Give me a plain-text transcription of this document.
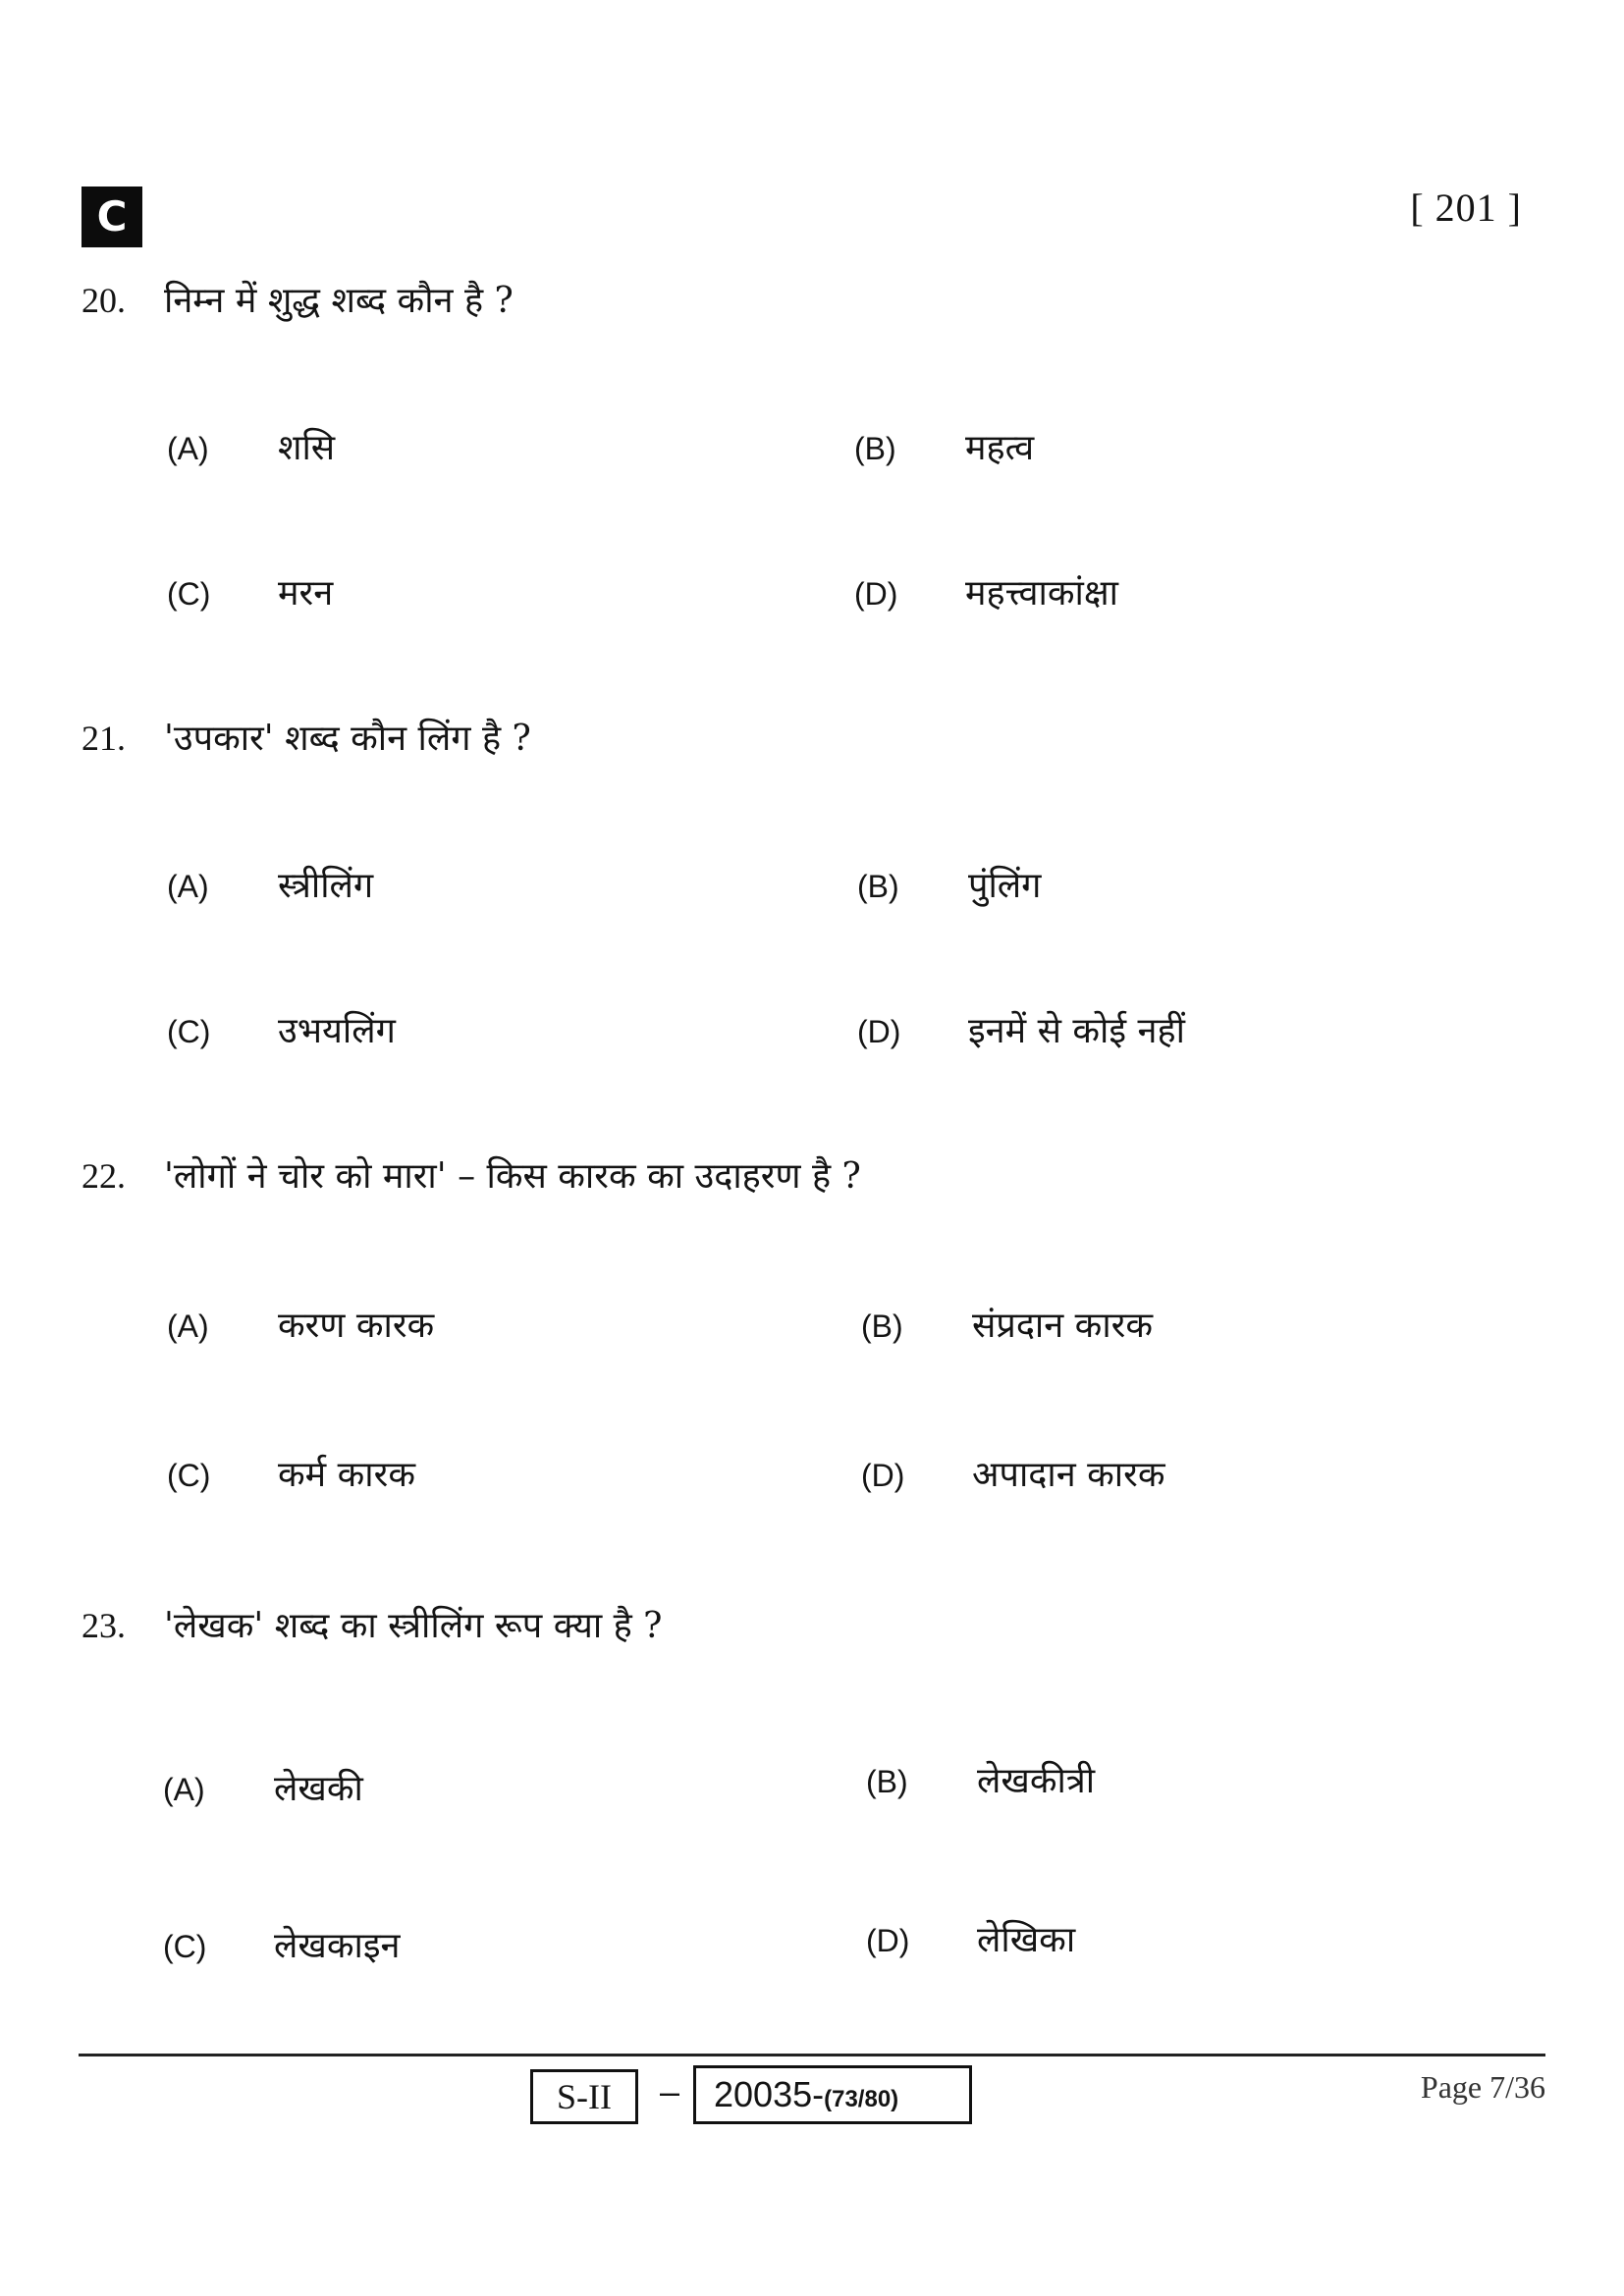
C	[ 201 ]
20. निम्न में शुद्ध शब्द कौन है ?
(A) शसि	(B) महत्व
(C) मरन	(D) महत्त्वाकांक्षा
21. 'उपकार' शब्द कौन लिंग है ?
(A) स्त्रीलिंग	(B) पुंलिंग
(C) उभयलिंग	(D) इनमें से कोई नहीं
22. 'लोगों ने चोर को मारा' – किस कारक का उदाहरण है ?
(A) करण कारक	(B) संप्रदान कारक
(C) कर्म कारक	(D) अपादान कारक
23. 'लेखक' शब्द का स्त्रीलिंग रूप क्या है ?
(A) लेखकी	(B) लेखकीत्री
(C) लेखकाइन	(D) लेखिका
S-II	– 20035-(73/80)	Page 7/36
